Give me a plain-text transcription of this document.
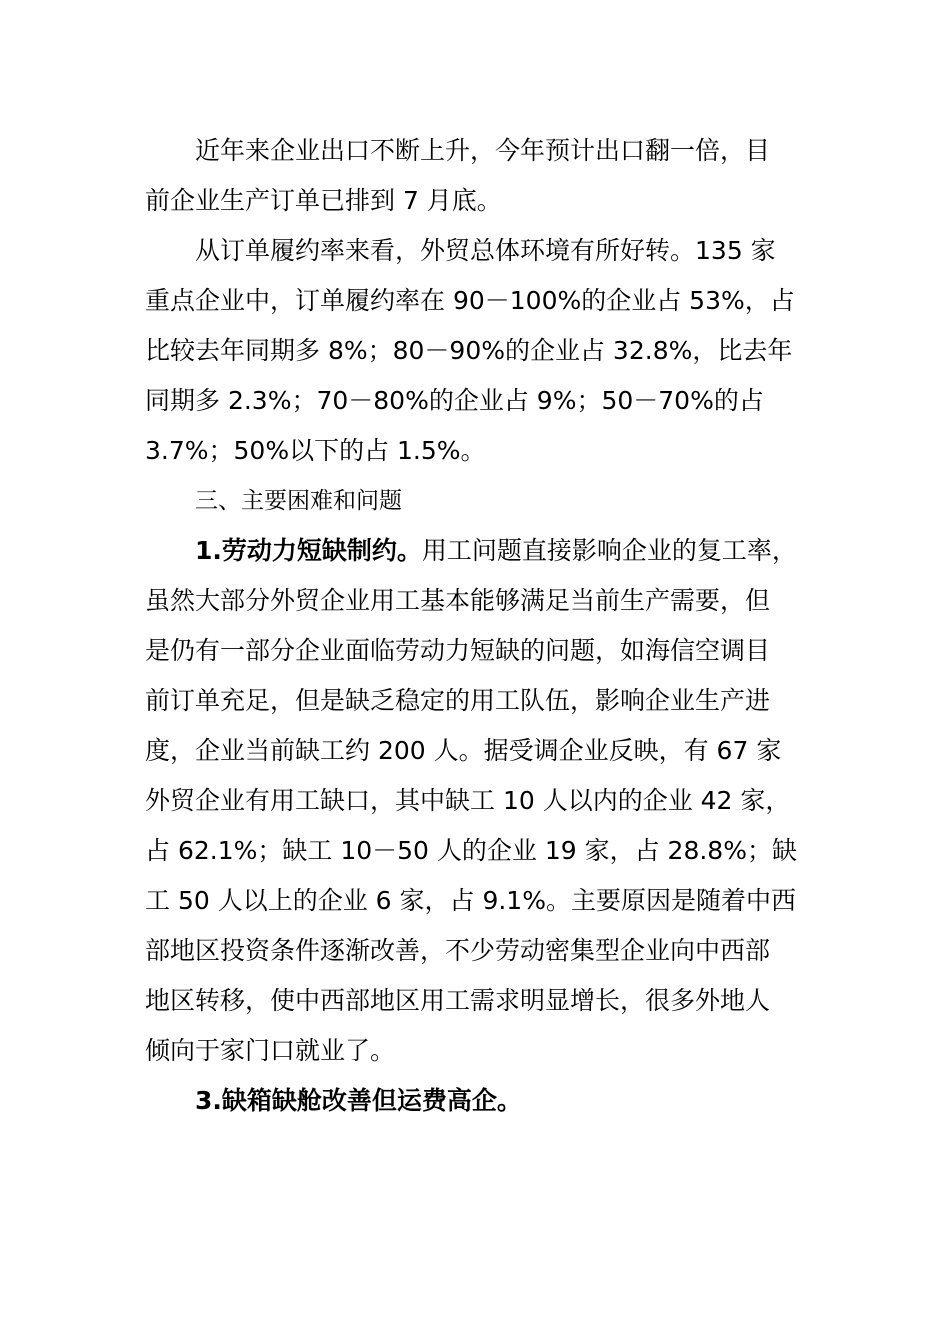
近年来企业出口不断上升，今年预计出口翻一倍，目
前企业生产订单已排到 7 月底。
从订单履约率来看，外贸总体环境有所好转。135 家
重点企业中，订单履约率在 90－100%的企业占 53%，占
比较去年同期多 8%；80－90%的企业占 32.8%，比去年
同期多 2.3%；70－80%的企业占 9%；50－70%的占
3.7%；50%以下的占 1.5%。
三、主要困难和问题
1.劳动力短缺制约。用工问题直接影响企业的复工率，
虽然大部分外贸企业用工基本能够满足当前生产需要，但
是仍有一部分企业面临劳动力短缺的问题，如海信空调目
前订单充足，但是缺乏稳定的用工队伍，影响企业生产进
度，企业当前缺工约 200 人。据受调企业反映，有 67 家
外贸企业有用工缺口，其中缺工 10 人以内的企业 42 家，
占 62.1%；缺工 10－50 人的企业 19 家，占 28.8%；缺
工 50 人以上的企业 6 家，占 9.1%。主要原因是随着中西
部地区投资条件逐渐改善，不少劳动密集型企业向中西部
地区转移，使中西部地区用工需求明显增长，很多外地人
倾向于家门口就业了。
3.缺箱缺舱改善但运费高企。
